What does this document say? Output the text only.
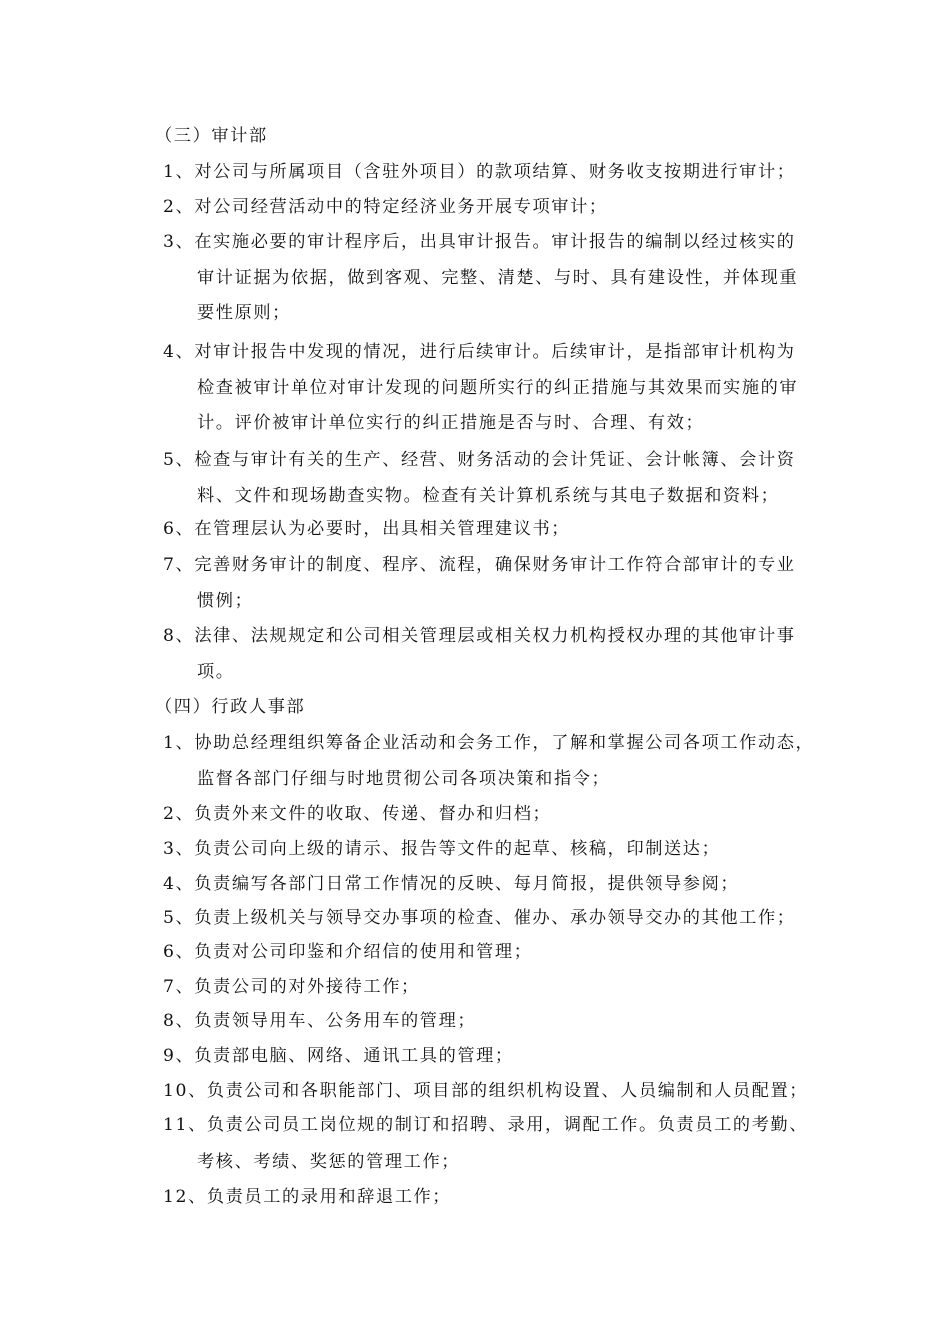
（三）审计部
1、对公司与所属项目（含驻外项目）的款项结算、财务收支按期进行审计；
2、对公司经营活动中的特定经济业务开展专项审计；
3、在实施必要的审计程序后，出具审计报告。审计报告的编制以经过核实的
审计证据为依据，做到客观、完整、清楚、与时、具有建设性，并体现重
要性原则；
4、对审计报告中发现的情况，进行后续审计。后续审计，是指部审计机构为
检查被审计单位对审计发现的问题所实行的纠正措施与其效果而实施的审
计。评价被审计单位实行的纠正措施是否与时、合理、有效；
5、检查与审计有关的生产、经营、财务活动的会计凭证、会计帐簿、会计资
料、文件和现场勘查实物。检查有关计算机系统与其电子数据和资料；
6、在管理层认为必要时，出具相关管理建议书；
7、完善财务审计的制度、程序、流程，确保财务审计工作符合部审计的专业
惯例；
8、法律、法规规定和公司相关管理层或相关权力机构授权办理的其他审计事
项。
（四）行政人事部
1、协助总经理组织筹备企业活动和会务工作，了解和掌握公司各项工作动态，
监督各部门仔细与时地贯彻公司各项决策和指令；
2、负责外来文件的收取、传递、督办和归档；
3、负责公司向上级的请示、报告等文件的起草、核稿，印制送达；
4、负责编写各部门日常工作情况的反映、每月简报，提供领导参阅；
5、负责上级机关与领导交办事项的检查、催办、承办领导交办的其他工作；
6、负责对公司印鉴和介绍信的使用和管理；
7、负责公司的对外接待工作；
8、负责领导用车、公务用车的管理；
9、负责部电脑、网络、通讯工具的管理；
10、负责公司和各职能部门、项目部的组织机构设置、人员编制和人员配置；
11、负责公司员工岗位规的制订和招聘、录用，调配工作。负责员工的考勤、
考核、考绩、奖惩的管理工作；
12、负责员工的录用和辞退工作；
